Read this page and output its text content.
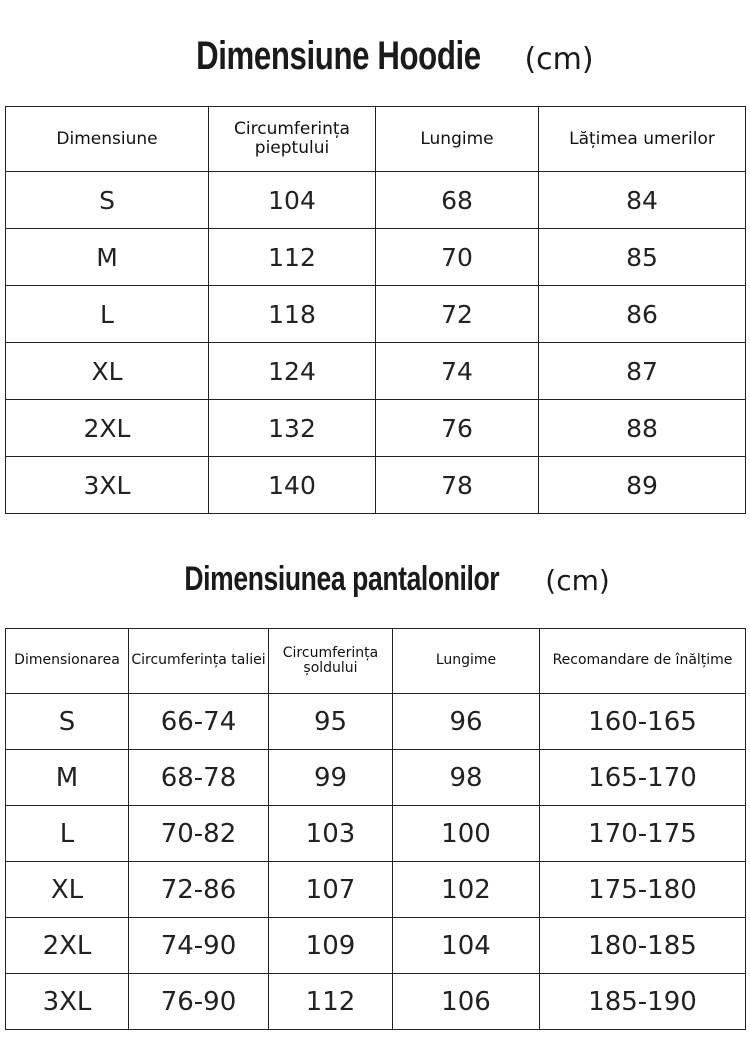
Dimensiune Hoodie (cm)
Dimensiune	Circumferința pieptului	Lungime	Lățimea umerilor
S	104	68	84
M	112	70	85
L	118	72	86
XL	124	74	87
2XL	132	76	88
3XL	140	78	89
Dimensiunea pantalonilor (cm)
Dimensionarea	Circumferința taliei	Circumferința șoldului	Lungime	Recomandare de înălțime
S	66-74	95	96	160-165
M	68-78	99	98	165-170
L	70-82	103	100	170-175
XL	72-86	107	102	175-180
2XL	74-90	109	104	180-185
3XL	76-90	112	106	185-190
